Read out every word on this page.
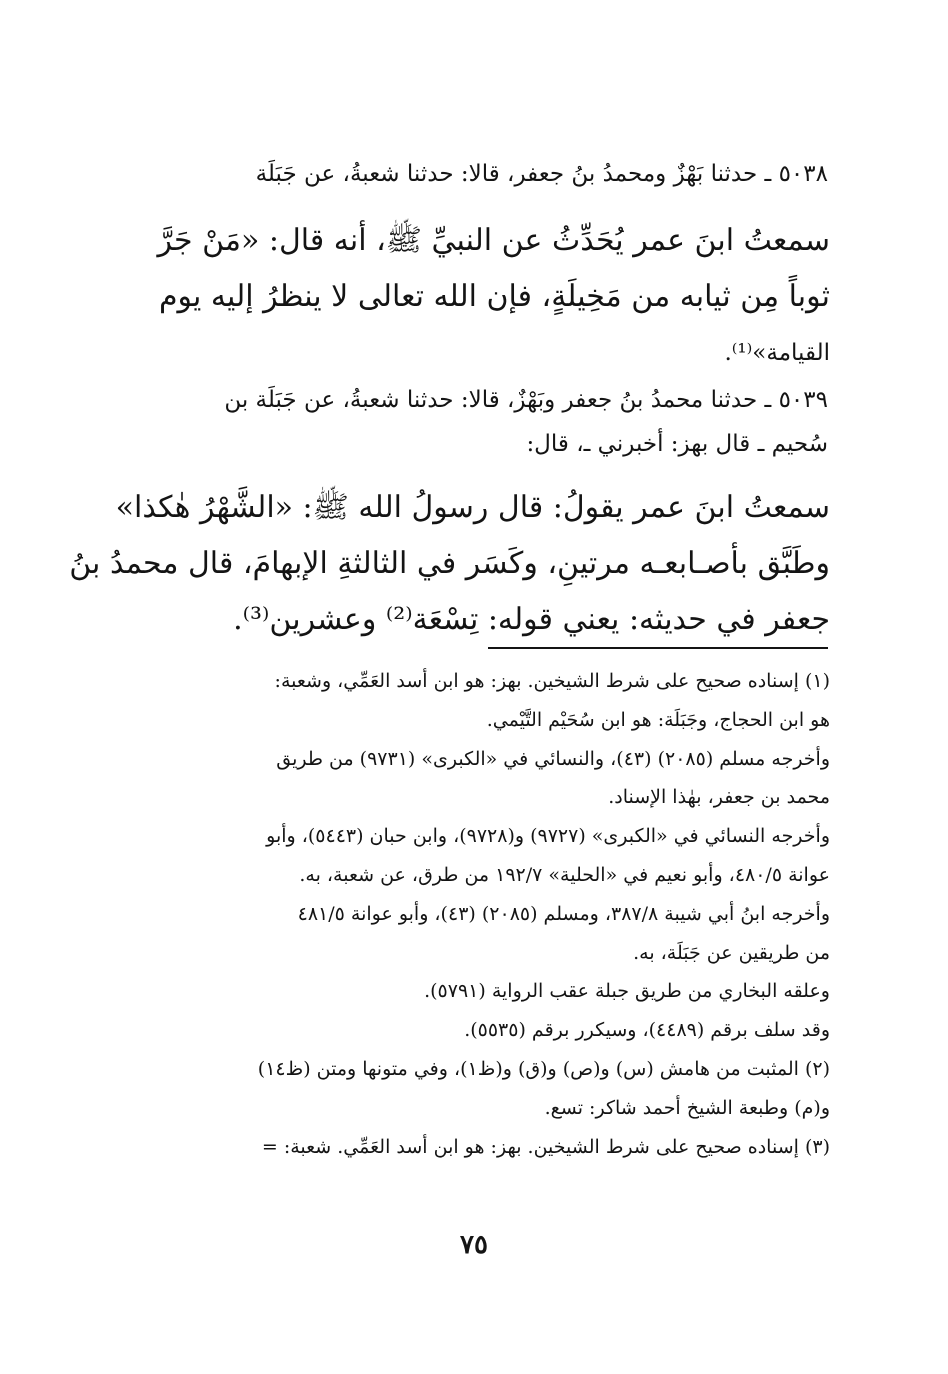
٥٠٣٨ ـ حدثنا بَهْزٌ ومحمدُ بنُ جعفر، قالا: حدثنا شعبةُ، عن جَبَلَة
سمعتُ ابنَ عمر يُحَدِّثُ عن النبيِّ ﷺ، أنه قال: «مَنْ جَرَّ
ثوباً مِن ثيابه من مَخِيلَةٍ، فإن الله تعالى لا ينظرُ إليه يوم
القيامة»⁽¹⁾.
٥٠٣٩ ـ حدثنا محمدُ بنُ جعفر وبَهْزٌ، قالا: حدثنا شعبةُ، عن جَبَلَة بن
سُحيم ـ قال بهز: أخبرني ـ، قال:
سمعتُ ابنَ عمر يقولُ: قال رسولُ الله ﷺ: «الشَّهْرُ هٰكذا»
وطَبَّق بأصـابعـه مرتينِ، وكَسَر في الثالثةِ الإبهامَ، قال محمدُ بنُ
جعفر في حديثه: يعني قوله: تِسْعَة⁽²⁾ وعشرين⁽³⁾.
(١) إسناده صحيح على شرط الشيخين. بهز: هو ابن أسد العَمِّي، وشعبة:
هو ابن الحجاج، وجَبَلَة: هو ابن سُحَيْم التَّيْمي.
وأخرجه مسلم (٢٠٨٥) (٤٣)، والنسائي في «الكبرى» (٩٧٣١) من طريق
محمد بن جعفر، بهٰذا الإسناد.
وأخرجه النسائي في «الكبرى» (٩٧٢٧) و(٩٧٢٨)، وابن حبان (٥٤٤٣)، وأبو
عوانة ٤٨٠/٥، وأبو نعيم في «الحلية» ١٩٢/٧ من طرق، عن شعبة، به.
وأخرجه ابنُ أبي شيبة ٣٨٧/٨، ومسلم (٢٠٨٥) (٤٣)، وأبو عوانة ٤٨١/٥
من طريقين عن جَبَلَة، به.
وعلقه البخاري من طريق جبلة عقب الرواية (٥٧٩١).
وقد سلف برقم (٤٤٨٩)، وسيكرر برقم (٥٥٣٥).
(٢) المثبت من هامش (س) و(ص) و(ق) و(ظ١)، وفي متونها ومتن (ظ١٤)
و(م) وطبعة الشيخ أحمد شاكر: تسع.
(٣) إسناده صحيح على شرط الشيخين. بهز: هو ابن أسد العَمِّي. شعبة: =
٧٥
